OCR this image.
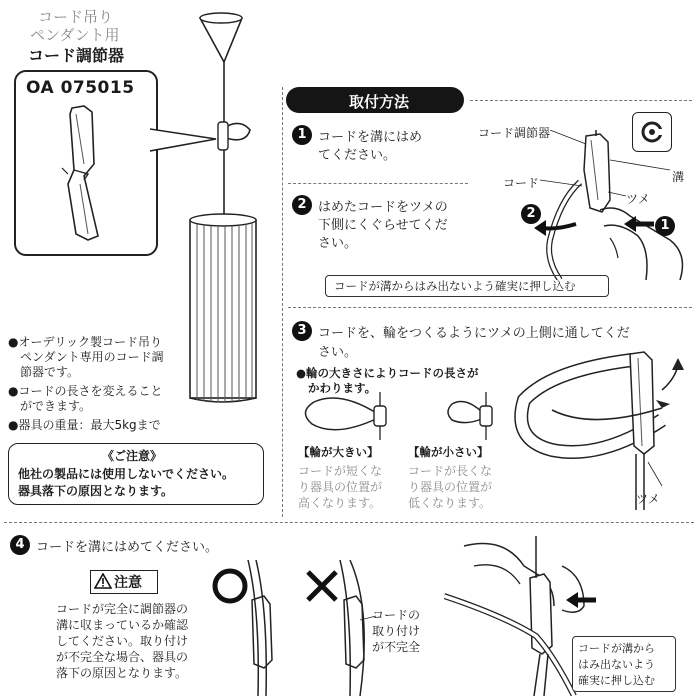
コード吊り
ペンダント用
コード調節器
OA 075015
●オーデリック製コード吊り
ペンダント専用のコード調
節器です。
●コードの長さを変えること
ができます。
●器具の重量：最大5kgまで
《ご注意》
他社の製品には使用しないでください。
器具落下の原因となります。
取付方法
1 コードを溝にはめ
てください。
2 はめたコードをツメの
下側にくぐらせてくだ
さい。
コード調節器
溝
コード
ツメ
2
1
コードが溝からはみ出ないよう確実に押し込む
3 コードを、輪をつくるようにツメの上側に通してくだ
さい。
●輪の大きさによりコードの長さが
かわります。
【輪が大きい】
コードが短くな
り器具の位置が
高くなります。
【輪が小さい】
コードが長くな
り器具の位置が
低くなります。	ツメ
4 コードを溝にはめてください。
注意
コードが完全に調節器の
溝に収まっているか確認
してください。取り付け
が不完全な場合、器具の
落下の原因となります。
コードの
取り付け
が不完全	コードが溝から
はみ出ないよう
確実に押し込む
